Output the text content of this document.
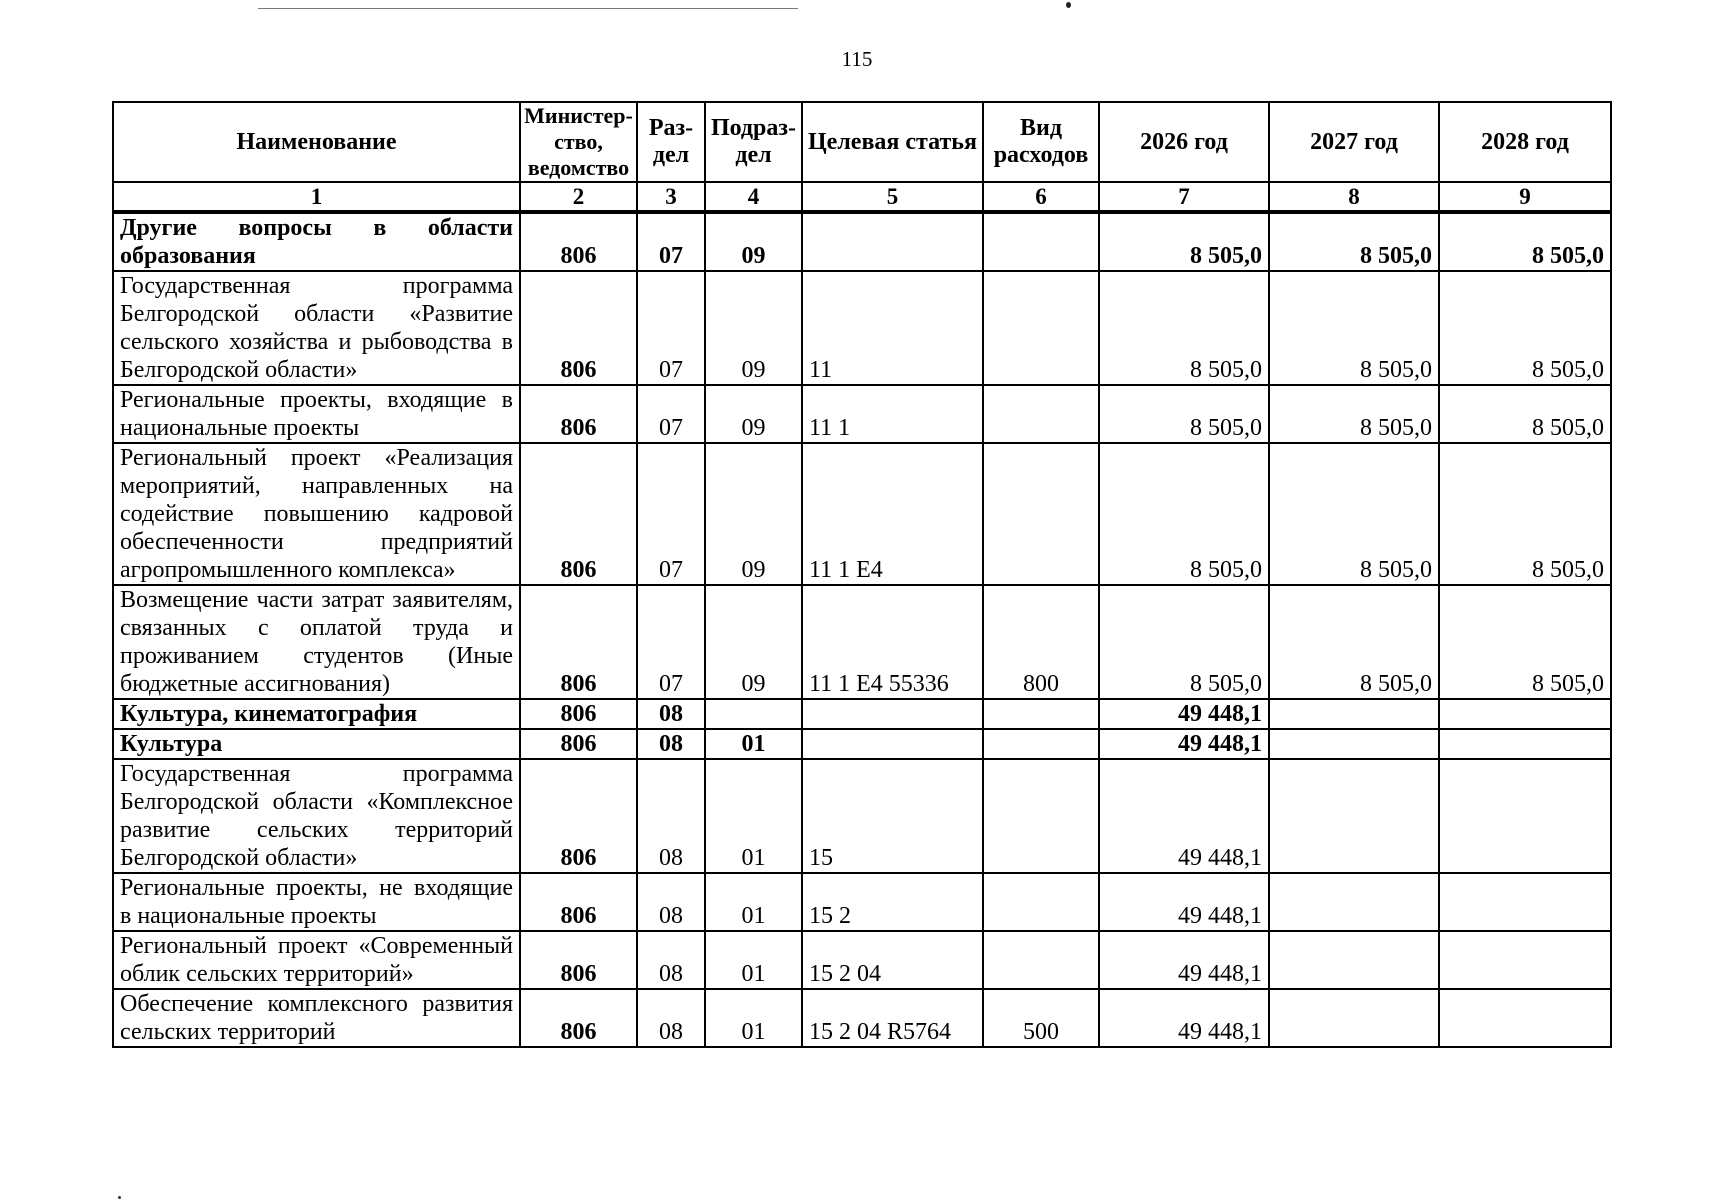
115
Наименование	Министер-ство, ведомство	Раз-дел	Подраз-дел	Целевая статья	Вид расходов	2026 год	2027 год	2028 год
1	2	3	4	5	6	7	8	9
Другие вопросы в области образования	806	07	09			8 505,0	8 505,0	8 505,0
Государственная программа Белгородской области «Развитие сельского хозяйства и рыбоводства в Белгородской области»	806	07	09	11		8 505,0	8 505,0	8 505,0
Региональные проекты, входящие в национальные проекты	806	07	09	11 1		8 505,0	8 505,0	8 505,0
Региональный проект «Реализация мероприятий, направленных на содействие повышению кадровой обеспеченности предприятий агропромышленного комплекса»	806	07	09	11 1 E4		8 505,0	8 505,0	8 505,0
Возмещение части затрат заявителям, связанных с оплатой труда и проживанием студентов (Иные бюджетные ассигнования)	806	07	09	11 1 E4 55336	800	8 505,0	8 505,0	8 505,0
Культура, кинематография	806	08				49 448,1		
Культура	806	08	01			49 448,1		
Государственная программа Белгородской области «Комплексное развитие сельских территорий Белгородской области»	806	08	01	15		49 448,1		
Региональные проекты, не входящие в национальные проекты	806	08	01	15 2		49 448,1		
Региональный проект «Современный облик сельских территорий»	806	08	01	15 2 04		49 448,1		
Обеспечение комплексного развития сельских территорий	806	08	01	15 2 04 R5764	500	49 448,1		
